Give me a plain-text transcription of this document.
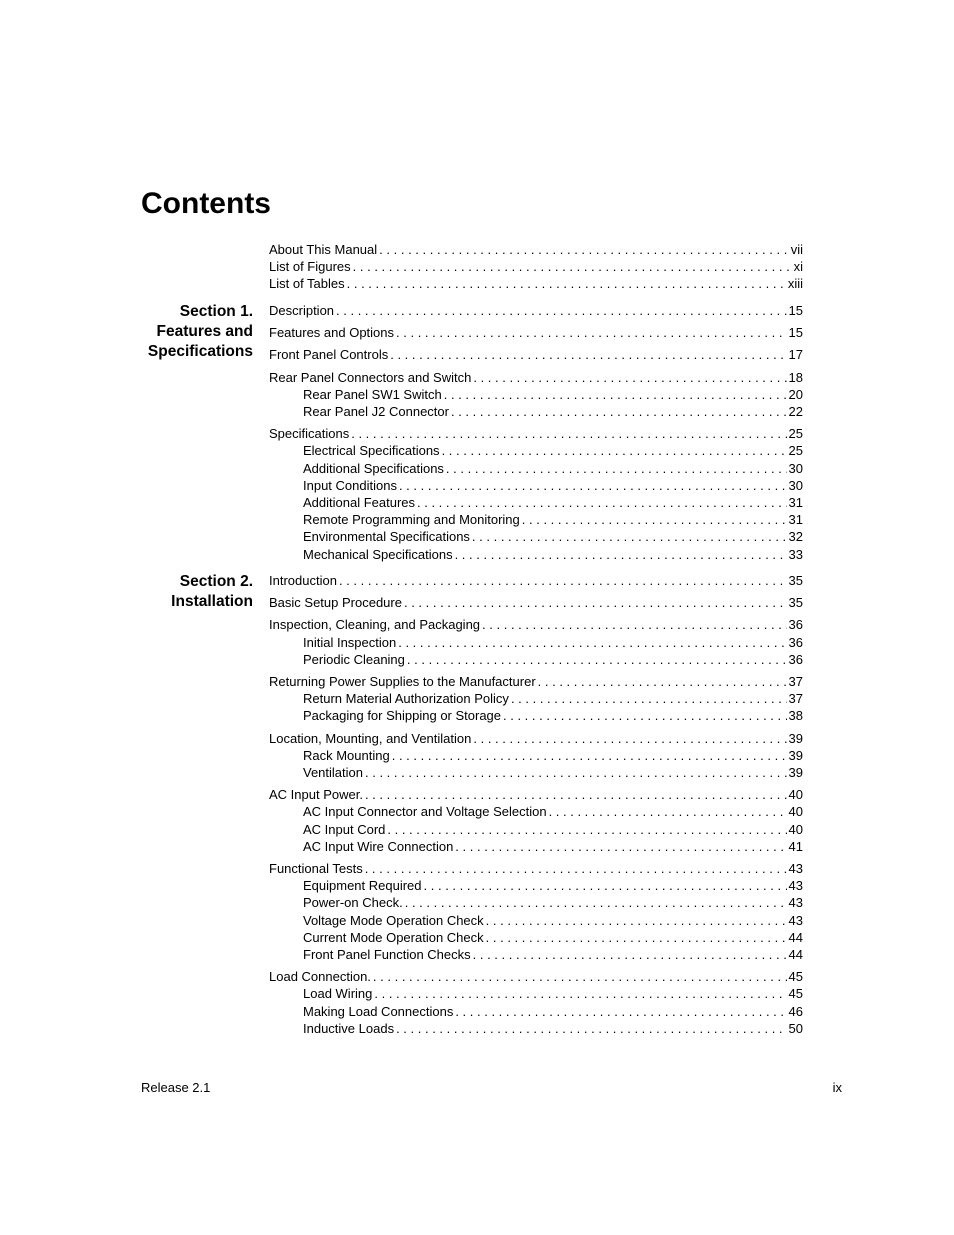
Contents
About This Manual . . .	vii
List of Figures . . .	xi
List of Tables . . .	xiii
Section 1.
Features and
Specifications
Description . . .	15
Features and Options . . .	15
Front Panel Controls . . .	17
Rear Panel Connectors and Switch . . .	18
Rear Panel SW1 Switch . . .	20
Rear Panel J2 Connector . . .	22
Specifications . . .	25
Electrical Specifications . . .	25
Additional Specifications . . .	30
Input Conditions . . .	30
Additional Features . . .	31
Remote Programming and Monitoring . . .	31
Environmental Specifications . . .	32
Mechanical Specifications . . .	33
Section 2.
Installation
Introduction . . .	35
Basic Setup Procedure . . .	35
Inspection, Cleaning, and Packaging . . .	36
Initial Inspection . . .	36
Periodic Cleaning . . .	36
Returning Power Supplies to the Manufacturer . . .	37
Return Material Authorization Policy . . .	37
Packaging for Shipping or Storage . . .	38
Location, Mounting, and Ventilation . . .	39
Rack Mounting . . .	39
Ventilation . . .	39
AC Input Power. . . .	40
AC Input Connector and Voltage Selection . . .	40
AC Input Cord . . .	40
AC Input Wire Connection . . .	41
Functional Tests . . .	43
Equipment Required . . .	43
Power-on Check. . . .	43
Voltage Mode Operation Check . . .	43
Current Mode Operation Check . . .	44
Front Panel Function Checks . . .	44
Load Connection. . . .	45
Load Wiring . . .	45
Making Load Connections . . .	46
Inductive Loads . . .	50
Release 2.1	ix
